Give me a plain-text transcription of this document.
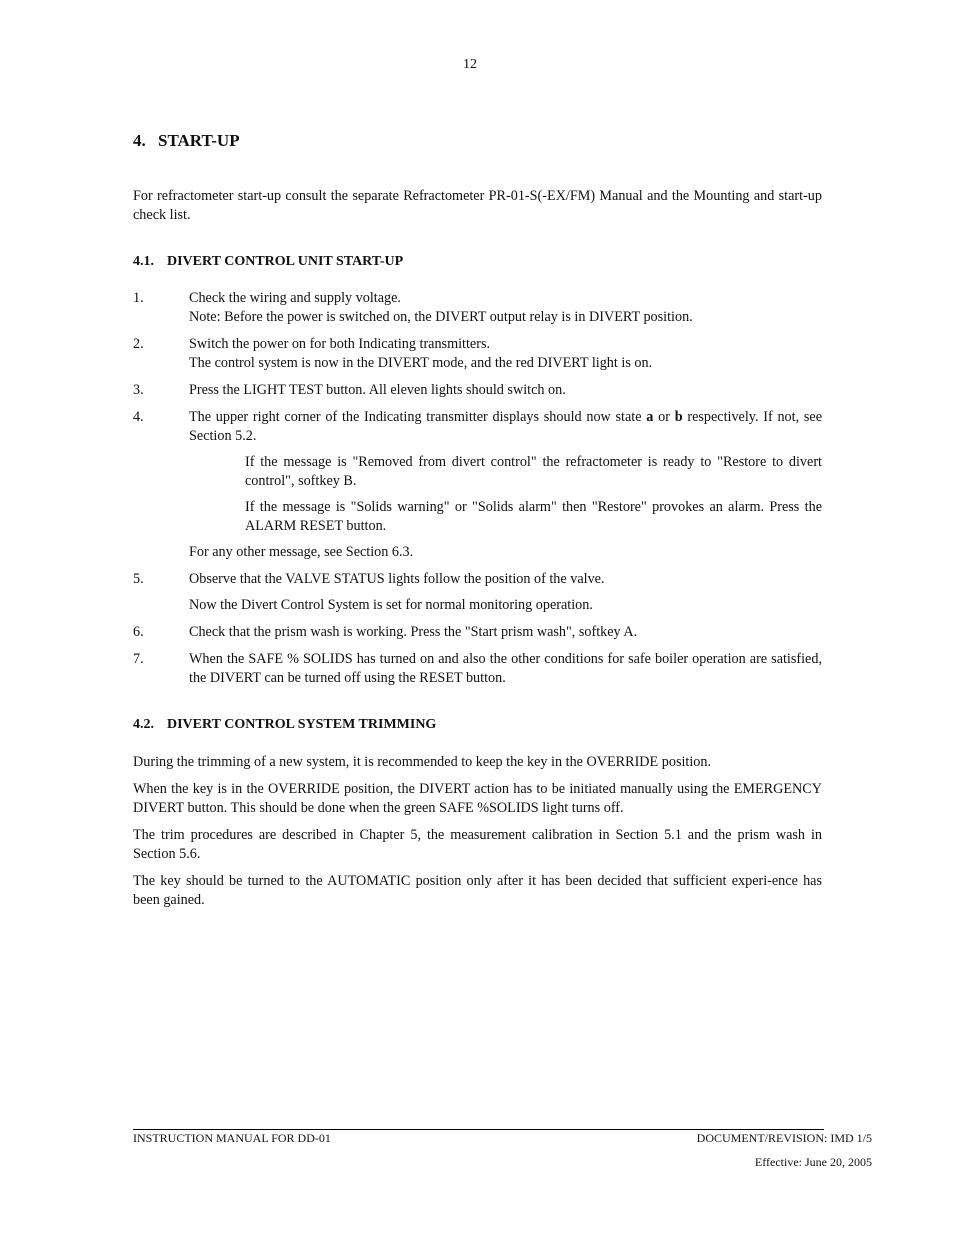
12
4. START-UP

For refractometer start-up consult the separate Refractometer PR-01-S(-EX/FM) Manual and the Mounting and start-up check list.

4.1. DIVERT CONTROL UNIT START-UP
1.	Check the wiring and supply voltage.

Note: Before the power is switched on, the DIVERT output relay is in DIVERT position.

2.	Switch the power on for both Indicating transmitters.

The control system is now in the DIVERT mode, and the red DIVERT light is on.

3.	Press the LIGHT TEST button. All eleven lights should switch on.

4.	The upper right corner of the Indicating transmitter displays should now state a or b respectively. If not, see Section 5.2.

If the message is "Removed from divert control" the refractometer is ready to "Restore to divert control", softkey B.

If the message is "Solids warning" or "Solids alarm" then "Restore" provokes an alarm. Press the ALARM RESET button.

For any other message, see Section 6.3.

5.	Observe that the VALVE STATUS lights follow the position of the valve.

Now the Divert Control System is set for normal monitoring operation.

6.	Check that the prism wash is working. Press the "Start prism wash", softkey A.

7.	When the SAFE % SOLIDS has turned on and also the other conditions for safe boiler operation are satisfied, the DIVERT can be turned off using the RESET button.

4.2. DIVERT CONTROL SYSTEM TRIMMING

During the trimming of a new system, it is recommended to keep the key in the OVERRIDE position.

When the key is in the OVERRIDE position, the DIVERT action has to be initiated manually using the EMERGENCY DIVERT button. This should be done when the green SAFE %SOLIDS light turns off.

The trim procedures are described in Chapter 5, the measurement calibration in Section 5.1 and the prism wash in Section 5.6.

The key should be turned to the AUTOMATIC position only after it has been decided that sufficient experi-ence has been gained.

INSTRUCTION MANUAL FOR DD-01	DOCUMENT/REVISION: IMD 1/5
Effective: June 20, 2005
